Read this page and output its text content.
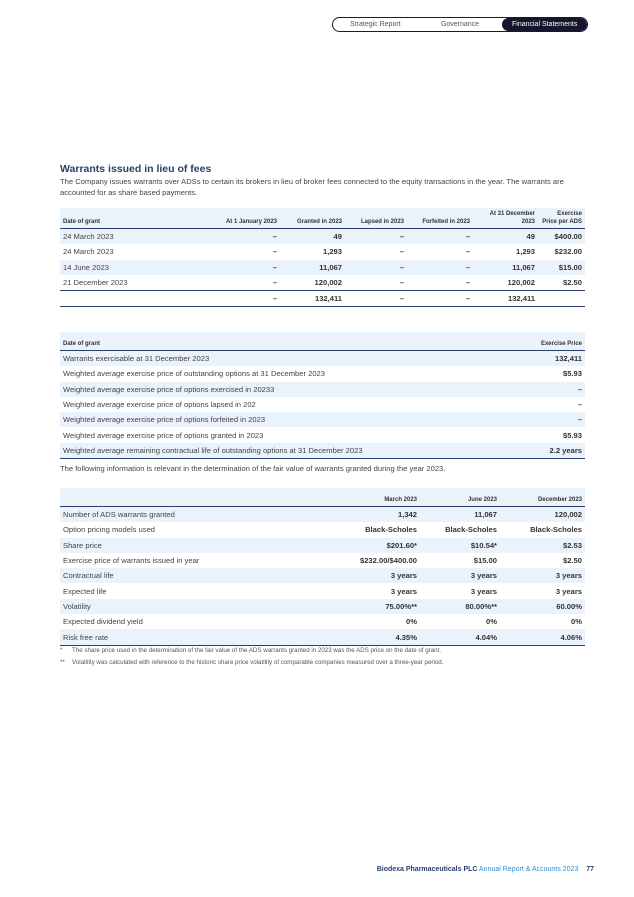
Strategic Report	Governance	Financial Statements
Warrants issued in lieu of fees
The Company issues warrants over ADSs to certain its brokers in lieu of broker fees connected to the equity transactions in the year. The warrants are accounted for as share based payments.
Date of grant	At 1 January 2023	Granted in 2023	Lapsed in 2023	Forfeited in 2023	At 31 December 2023	Exercise Price per ADS
24 March 2023	–	49	–	–	49	$400.00
24 March 2023	–	1,293	–	–	1,293	$232.00
14 June 2023	–	11,067	–	–	11,067	$15.00
21 December 2023	–	120,002	–	–	120,002	$2.50
	–	132,411	–	–	132,411	
Date of grant	Exercise Price
Warrants exercisable at 31 December 2023	132,411
Weighted average exercise price of outstanding options at 31 December 2023	$5.93
Weighted average exercise price of options exercised in 20233	–
Weighted average exercise price of options lapsed in 202	–
Weighted average exercise price of options forfeited in 2023	–
Weighted average exercise price of options granted in 2023	$5.93
Weighted average remaining contractual life of outstanding options at 31 December 2023	2.2 years
The following information is relevant in the determination of the fair value of warrants granted during the year 2023.
	March 2023	June 2023	December 2023
Number of ADS warrants granted	1,342	11,067	120,002
Option pricing models used	Black-Scholes	Black-Scholes	Black-Scholes
Share price	$201.60*	$10.54*	$2.53
Exercise price of warrants issued in year	$232.00/$400.00	$15.00	$2.50
Contractual life	3 years	3 years	3 years
Expected life	3 years	3 years	3 years
Volatility	75.00%**	80.00%**	60.00%
Expected dividend yield	0%	0%	0%
Risk free rate	4.35%	4.04%	4.06%
* The share price used in the determination of the fair value of the ADS warrants granted in 2023 was the ADS price on the date of grant.
** Volatility was calculated with reference to the historic share price volatility of comparable companies measured over a three-year period.
Biodexa Pharmaceuticals PLC Annual Report & Accounts 2023 77
